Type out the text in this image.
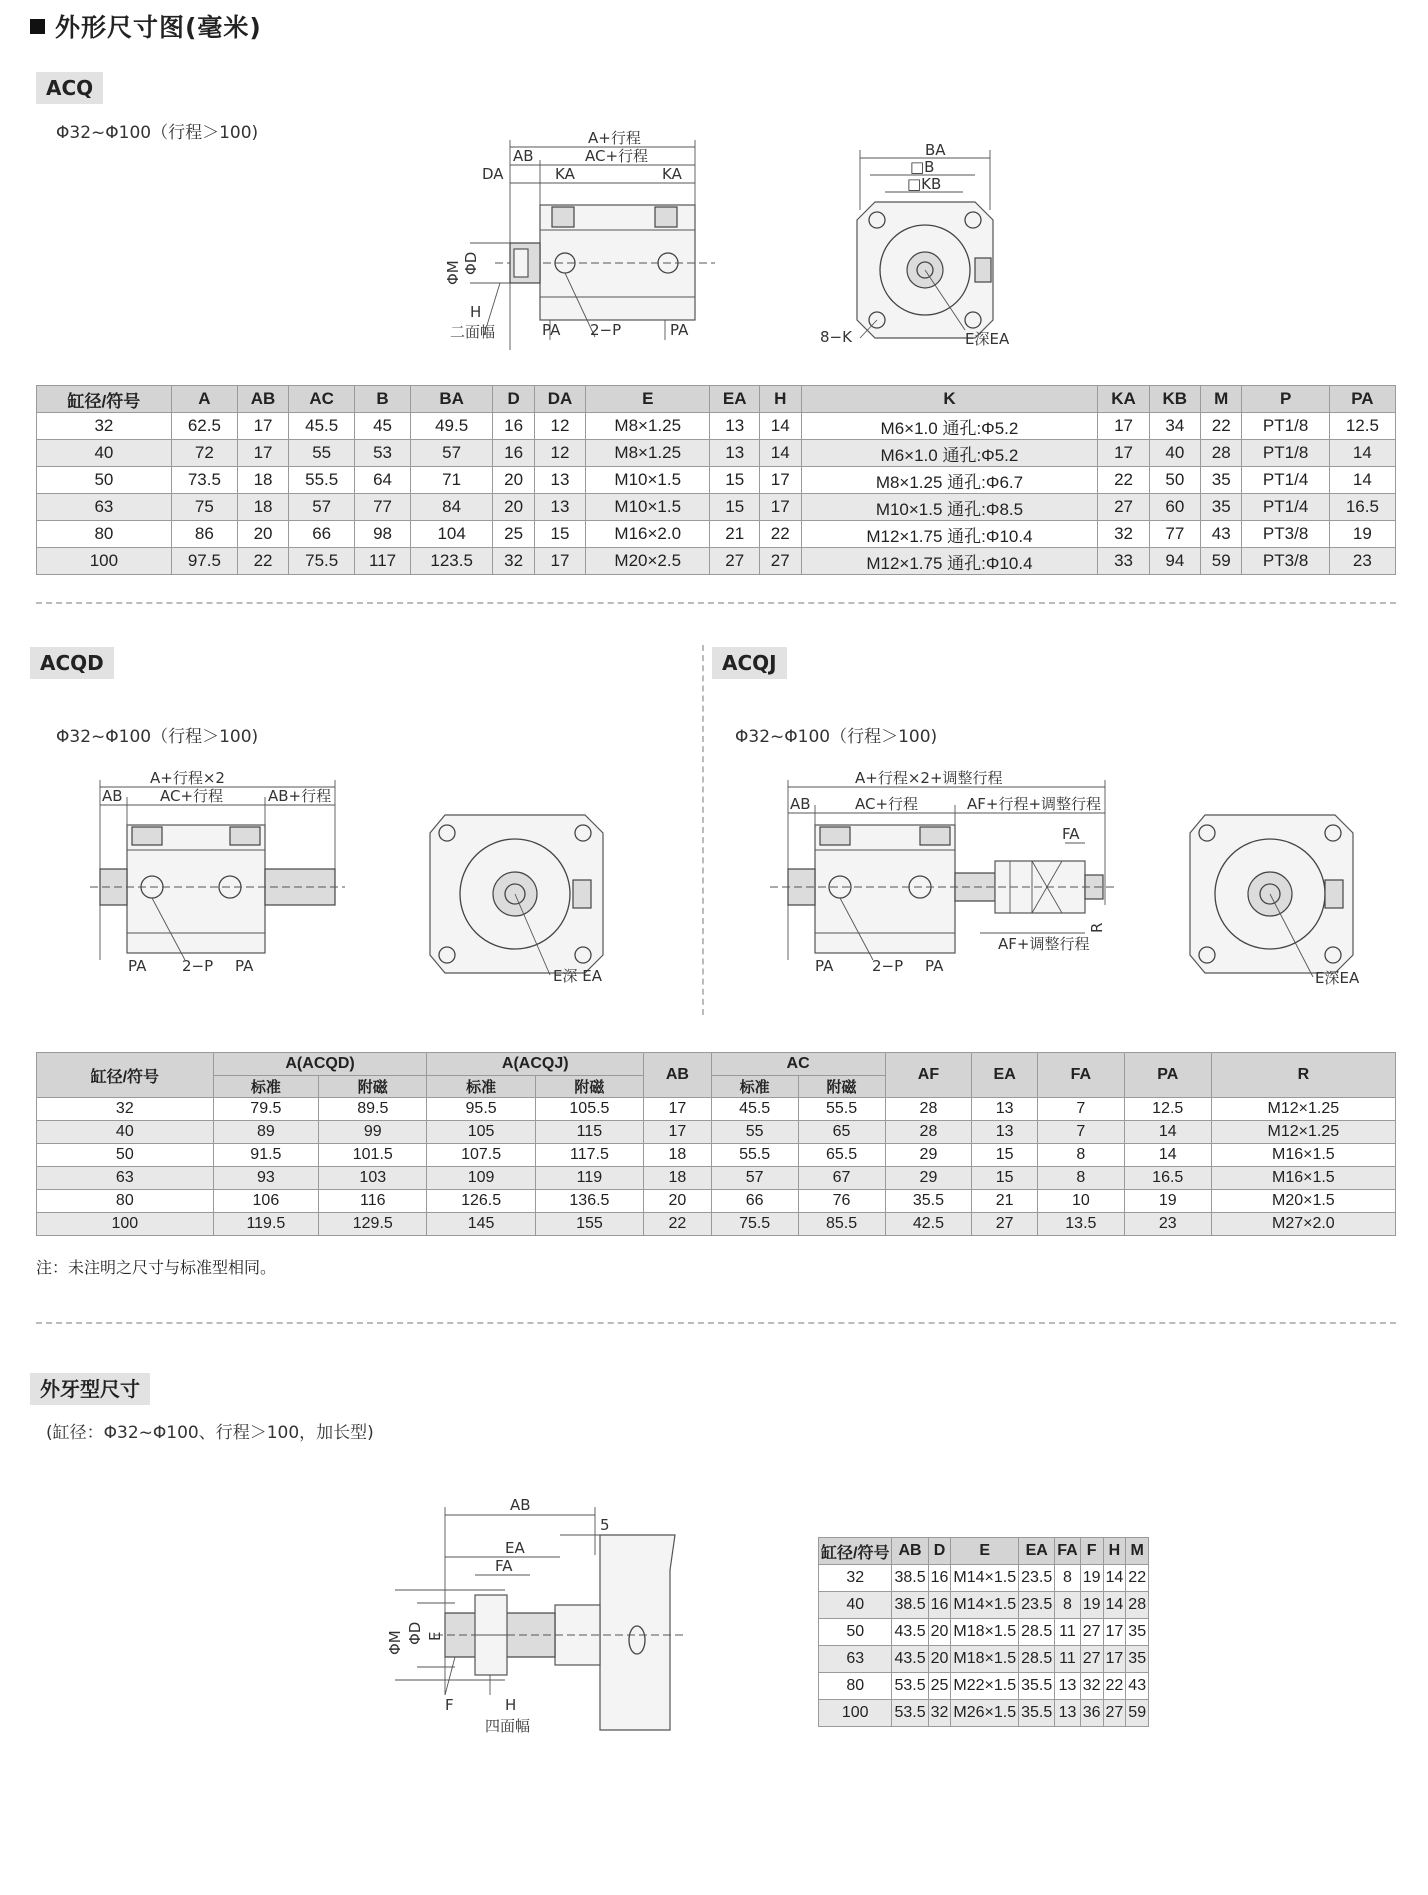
外形尺寸图(毫米)
ACQ
Φ32~Φ100（行程＞100)	A+行程
AB	AC+行程
DA	KA	KA
ΦM ΦD
H
二面幅	PA 2−P	PA
BA
□B
□KB
8−K	E深EA
缸径/符号	A	AB	AC	B	BA	D	DA	E	EA	H	K	KA	KB	M	P	PA
32	62.5	17	45.5	45	49.5	16	12	M8×1.25	13	14	M6×1.0 通孔:Φ5.2	17	34	22	PT1/8	12.5
40	72	17	55	53	57	16	12	M8×1.25	13	14	M6×1.0 通孔:Φ5.2	17	40	28	PT1/8	14
50	73.5	18	55.5	64	71	20	13	M10×1.5	15	17	M8×1.25 通孔:Φ6.7	22	50	35	PT1/4	14
63	75	18	57	77	84	20	13	M10×1.5	15	17	M10×1.5 通孔:Φ8.5	27	60	35	PT1/4	16.5
80	86	20	66	98	104	25	15	M16×2.0	21	22	M12×1.75 通孔:Φ10.4	32	77	43	PT3/8	19
100	97.5	22	75.5	117	123.5	32	17	M20×2.5	27	27	M12×1.75 通孔:Φ10.4	33	94	59	PT3/8	23
ACQD	ACQJ
Φ32~Φ100（行程＞100)	Φ32~Φ100（行程＞100)
A+行程×2
AB AC+行程	AB+行程
PA 2−P PA
E深 EA
A+行程×2+调整行程
AB	AC+行程	AF+行程+调整行程
FA
R
AF+调整行程
PA	2−P PA
E深EA
缸径/符号	A(ACQD)		A(ACQJ)		AB	AC		AF	EA	FA	PA	R
	标准	附磁	标准	附磁		标准	附磁					
32	79.5	89.5	95.5	105.5	17	45.5	55.5	28	13	7	12.5	M12×1.25
40	89	99	105	115	17	55	65	28	13	7	14	M12×1.25
50	91.5	101.5	107.5	117.5	18	55.5	65.5	29	15	8	14	M16×1.5
63	93	103	109	119	18	57	67	29	15	8	16.5	M16×1.5
80	106	116	126.5	136.5	20	66	76	35.5	21	10	19	M20×1.5
100	119.5	129.5	145	155	22	75.5	85.5	42.5	27	13.5	23	M27×2.0
注：未注明之尺寸与标准型相同。
外牙型尺寸
(缸径：Φ32~Φ100、行程＞100，加长型)
AB
5
EA
FA
ΦM ΦD E
F	H
四面幅
缸径/符号	AB	D	E	EA	FA	F	H	M
32	38.5	16	M14×1.5	23.5	8	19	14	22
40	38.5	16	M14×1.5	23.5	8	19	14	28
50	43.5	20	M18×1.5	28.5	11	27	17	35
63	43.5	20	M18×1.5	28.5	11	27	17	35
80	53.5	25	M22×1.5	35.5	13	32	22	43
100	53.5	32	M26×1.5	35.5	13	36	27	59
